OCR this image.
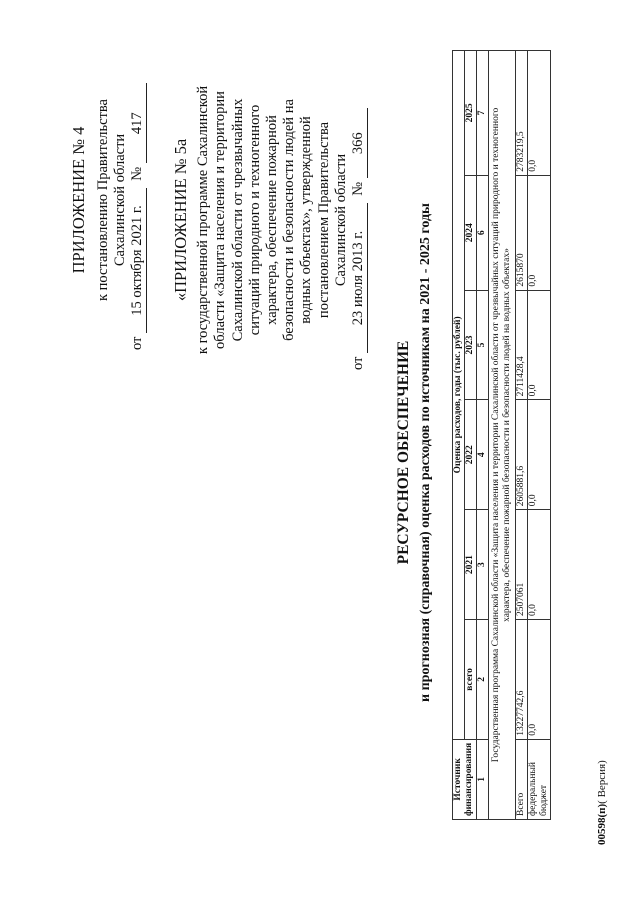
ПРИЛОЖЕНИЕ № 4 к постановлению Правительства Сахалинской области
от 15 октября 2021 г.  № 417
«ПРИЛОЖЕНИЕ № 5а к государственной программе Сахалинской области «Защита населения и территории Сахалинской области от чрезвычайных ситуаций природного и техногенного характера, обеспечение пожарной безопасности и безопасности людей на водных объектах», утвержденной постановлением Правительства Сахалинской области
от 23 июля 2013 г.  № 366
РЕСУРСНОЕ ОБЕСПЕЧЕНИЕ и прогнозная (справочная) оценка расходов по источникам на 2021 - 2025 годы
Источник финансирования	Оценка расходов, годы (тыс. рублей)					
	всего	2021	2022	2023	2024	2025
1	2	3	4	5	6	7
Государственная программа Сахалинской области «Защита населения и территории Сахалинской области от чрезвычайных ситуаций природного и техногенного характера, обеспечение пожарной безопасности и безопасности людей на водных объектах»						
Всего	13227742,6	2507061	2605881,6	2711428,4	2615870	2783219,5
федеральный бюджет	0,0	0,0	0,0	0,0	0,0	0,0
00598(п)( Версия)
